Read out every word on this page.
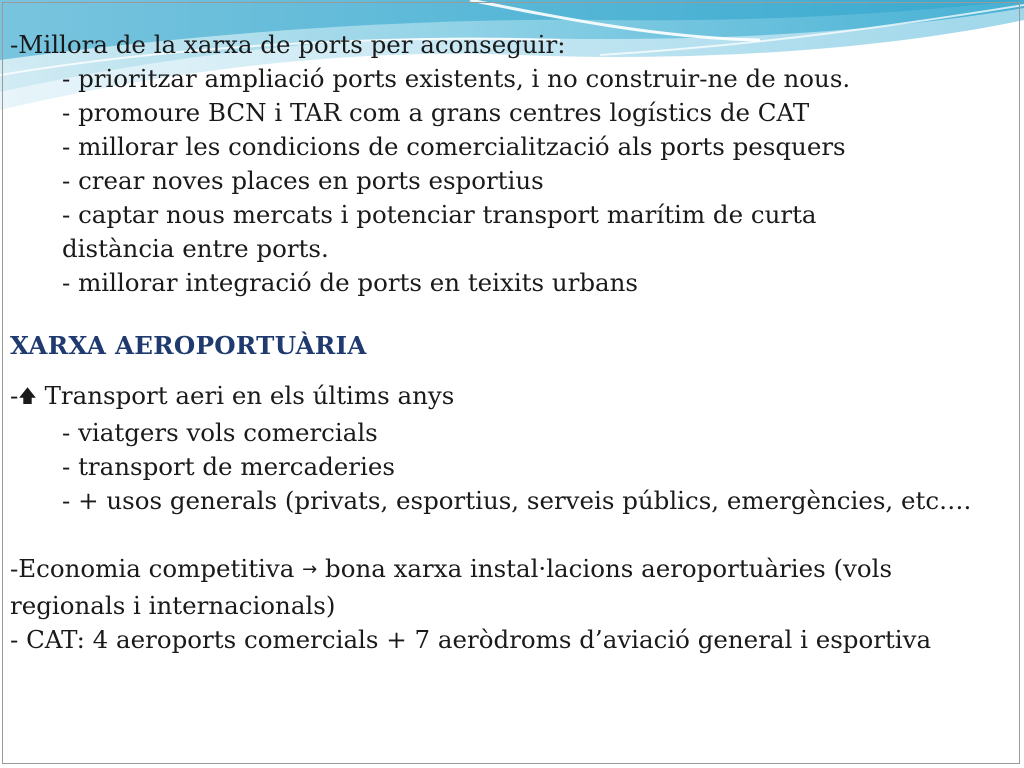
-Millora de la xarxa de ports per aconseguir:
- prioritzar ampliació ports existents, i no construir-ne de nous.
- promoure BCN i TAR com a grans centres logístics de CAT
- millorar les condicions de comercialització als ports pesquers
- crear noves places en ports esportius
- captar nous mercats i potenciar transport marítim de curta
distància entre ports.
- millorar integració de ports en teixits urbans
XARXA AEROPORTUÀRIA
-🡅 Transport aeri en els últims anys
- viatgers vols comercials
- transport de mercaderies
- + usos generals (privats, esportius, serveis públics, emergències, etc….
-Economia competitiva → bona xarxa instal·lacions aeroportuàries (vols regionals i internacionals)
- CAT: 4 aeroports comercials + 7 aeròdroms d’aviació general i esportiva
